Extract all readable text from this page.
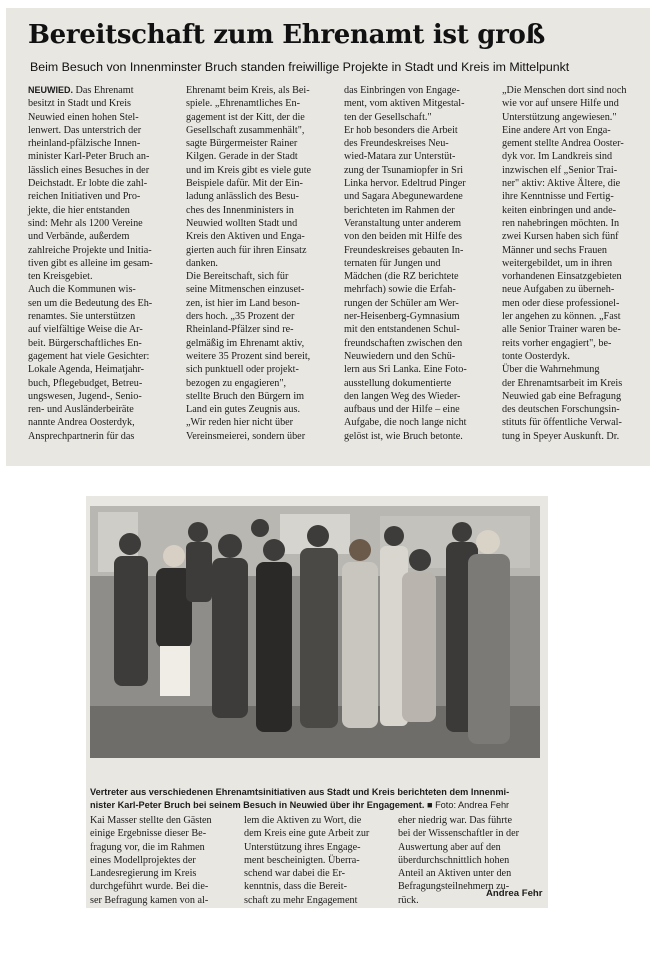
Bereitschaft zum Ehrenamt ist groß

Beim Besuch von Innenminster Bruch standen freiwillige Projekte in Stadt und Kreis im Mittelpunkt

NEUWIED. Das Ehrenamt
besitzt in Stadt und Kreis
Neuwied einen hohen Stel-
lenwert. Das unterstrich der
rheinland-pfälzische Innen-
minister Karl-Peter Bruch an-
lässlich eines Besuches in der
Deichstadt. Er lobte die zahl-
reichen Initiativen und Pro-
jekte, die hier entstanden
sind: Mehr als 1200 Vereine
und Verbände, außerdem
zahlreiche Projekte und Initia-
tiven gibt es alleine im gesam-
ten Kreisgebiet.
Auch die Kommunen wis-
sen um die Bedeutung des Eh-
renamtes. Sie unterstützen
auf vielfältige Weise die Ar-
beit. Bürgerschaftliches En-
gagement hat viele Gesichter:
Lokale Agenda, Heimatjahr-
buch, Pflegebudget, Betreu-
ungswesen, Jugend-, Senio-
ren- und Ausländerbeiräte
nannte Andrea Oosterdyk,
Ansprechpartnerin für das

Ehrenamt beim Kreis, als Bei-
spiele. „Ehrenamtliches En-
gagement ist der Kitt, der die
Gesellschaft zusammenhält",
sagte Bürgermeister Rainer
Kilgen. Gerade in der Stadt
und im Kreis gibt es viele gute
Beispiele dafür. Mit der Ein-
ladung anlässlich des Besu-
ches des Innenministers in
Neuwied wollten Stadt und
Kreis den Aktiven und Enga-
gierten auch für ihren Einsatz
danken.
Die Bereitschaft, sich für
seine Mitmenschen einzuset-
zen, ist hier im Land beson-
ders hoch. „35 Prozent der
Rheinland-Pfälzer sind re-
gelmäßig im Ehrenamt aktiv,
weitere 35 Prozent sind bereit,
sich punktuell oder projekt-
bezogen zu engagieren",
stellte Bruch den Bürgern im
Land ein gutes Zeugnis aus.
„Wir reden hier nicht über
Vereinsmeierei, sondern über

das Einbringen von Engage-
ment, vom aktiven Mitgestal-
ten der Gesellschaft."
Er hob besonders die Arbeit
des Freundeskreises Neu-
wied-Matara zur Unterstüt-
zung der Tsunamiopfer in Sri
Linka hervor. Edeltrud Pinger
und Sagara Abegunewardene
berichteten im Rahmen der
Veranstaltung unter anderem
von den beiden mit Hilfe des
Freundeskreises gebauten In-
ternaten für Jungen und
Mädchen (die RZ berichtete
mehrfach) sowie die Erfah-
rungen der Schüler am Wer-
ner-Heisenberg-Gymnasium
mit den entstandenen Schul-
freundschaften zwischen den
Neuwiedern und den Schü-
lern aus Sri Lanka. Eine Foto-
ausstellung dokumentierte
den langen Weg des Wieder-
aufbaus und der Hilfe – eine
Aufgabe, die noch lange nicht
gelöst ist, wie Bruch betonte.

„Die Menschen dort sind noch
wie vor auf unsere Hilfe und
Unterstützung angewiesen."
Eine andere Art von Enga-
gement stellte Andrea Ooster-
dyk vor. Im Landkreis sind
inzwischen elf „Senior Trai-
ner" aktiv: Aktive Ältere, die
ihre Kenntnisse und Fertig-
keiten einbringen und ande-
ren nahebringen möchten. In
zwei Kursen haben sich fünf
Männer und sechs Frauen
weitergebildet, um in ihren
vorhandenen Einsatzgebieten
neue Aufgaben zu überneh-
men oder diese professionel-
ler angehen zu können. „Fast
alle Senior Trainer waren be-
reits vorher engagiert", be-
tonte Oosterdyk.
Über die Wahrnehmung
der Ehrenamtsarbeit im Kreis
Neuwied gab eine Befragung
des deutschen Forschungsin-
stituts für öffentliche Verwal-
tung in Speyer Auskunft. Dr.

Vertreter aus verschiedenen Ehrenamtsinitiativen aus Stadt und Kreis berichteten dem Innenmi-
nister Karl-Peter Bruch bei seinem Besuch in Neuwied über ihr Engagement. ■ Foto: Andrea Fehr

Kai Masser stellte den Gästen
einige Ergebnisse dieser Be-
fragung vor, die im Rahmen
eines Modellprojektes der
Landesregierung im Kreis
durchgeführt wurde. Bei die-
ser Befragung kamen von al-

lem die Aktiven zu Wort, die
dem Kreis eine gute Arbeit zur
Unterstützung ihres Engage-
ment bescheinigten. Überra-
schend war dabei die Er-
kenntnis, dass die Bereit-
schaft zu mehr Engagement

eher niedrig war. Das führte
bei der Wissenschaftler in der
Auswertung aber auf den
überdurchschnittlich hohen
Anteil an Aktiven unter den
Befragungsteilnehmern zu-
rück.

Andrea Fehr
